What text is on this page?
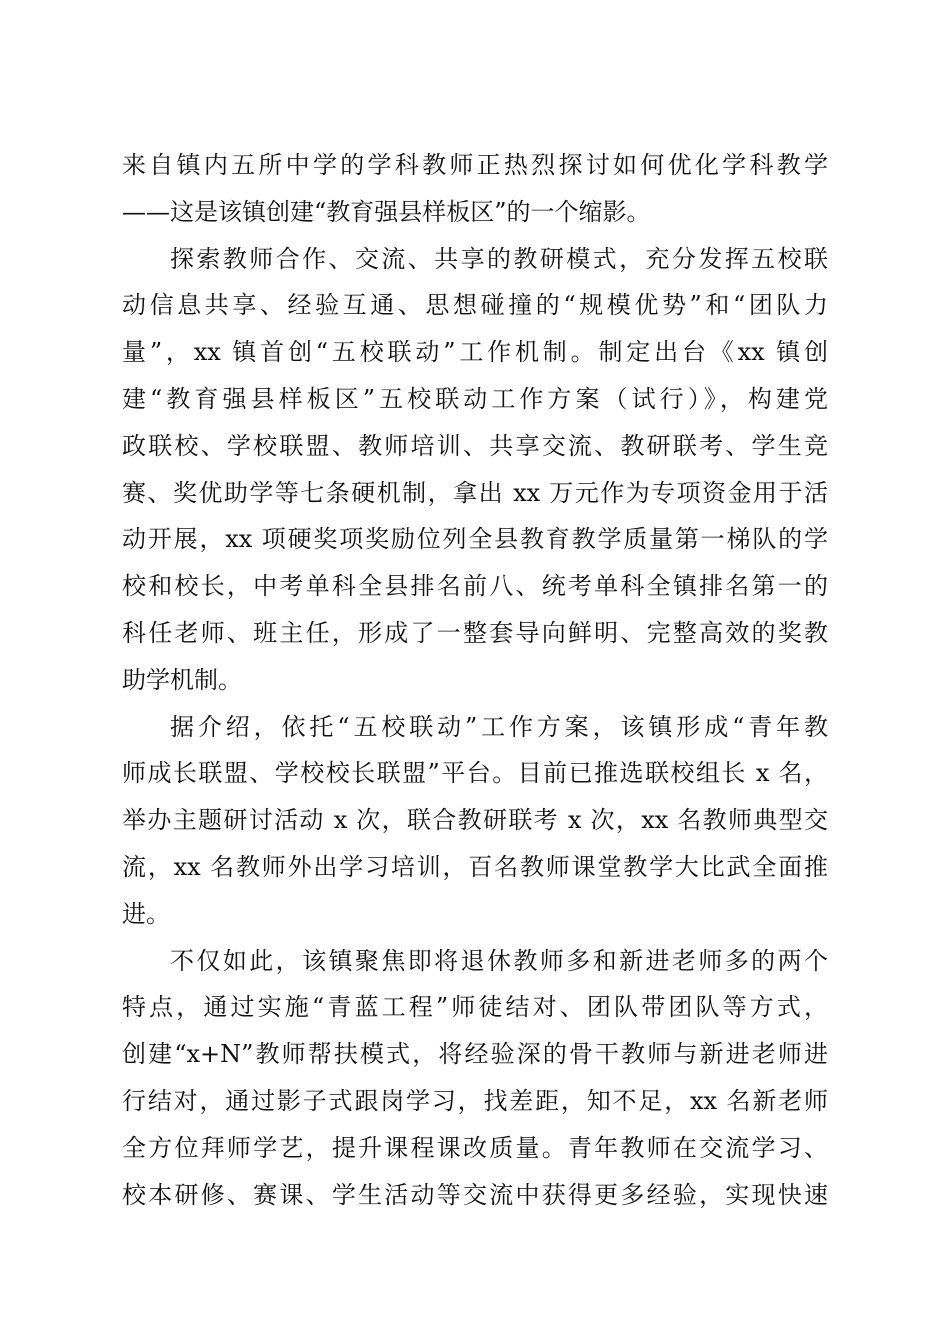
来自镇内五所中学的学科教师正热烈探讨如何优化学科教学
——这是该镇创建“教育强县样板区”的一个缩影。
探索教师合作、交流、共享的教研模式，充分发挥五校联
动信息共享、经验互通、思想碰撞的“规模优势”和“团队力
量”，xx 镇首创“五校联动”工作机制。制定出台《xx 镇创
建“教育强县样板区”五校联动工作方案（试行）》，构建党
政联校、学校联盟、教师培训、共享交流、教研联考、学生竞
赛、奖优助学等七条硬机制，拿出 xx 万元作为专项资金用于活
动开展，xx 项硬奖项奖励位列全县教育教学质量第一梯队的学
校和校长，中考单科全县排名前八、统考单科全镇排名第一的
科任老师、班主任，形成了一整套导向鲜明、完整高效的奖教
助学机制。
据介绍，依托“五校联动”工作方案，该镇形成“青年教
师成长联盟、学校校长联盟”平台。目前已推选联校组长 x 名，
举办主题研讨活动 x 次，联合教研联考 x 次，xx 名教师典型交
流，xx 名教师外出学习培训，百名教师课堂教学大比武全面推
进。
不仅如此，该镇聚焦即将退休教师多和新进老师多的两个
特点，通过实施“青蓝工程”师徒结对、团队带团队等方式，
创建“x+N”教师帮扶模式，将经验深的骨干教师与新进老师进
行结对，通过影子式跟岗学习，找差距，知不足，xx 名新老师
全方位拜师学艺，提升课程课改质量。青年教师在交流学习、
校本研修、赛课、学生活动等交流中获得更多经验，实现快速
